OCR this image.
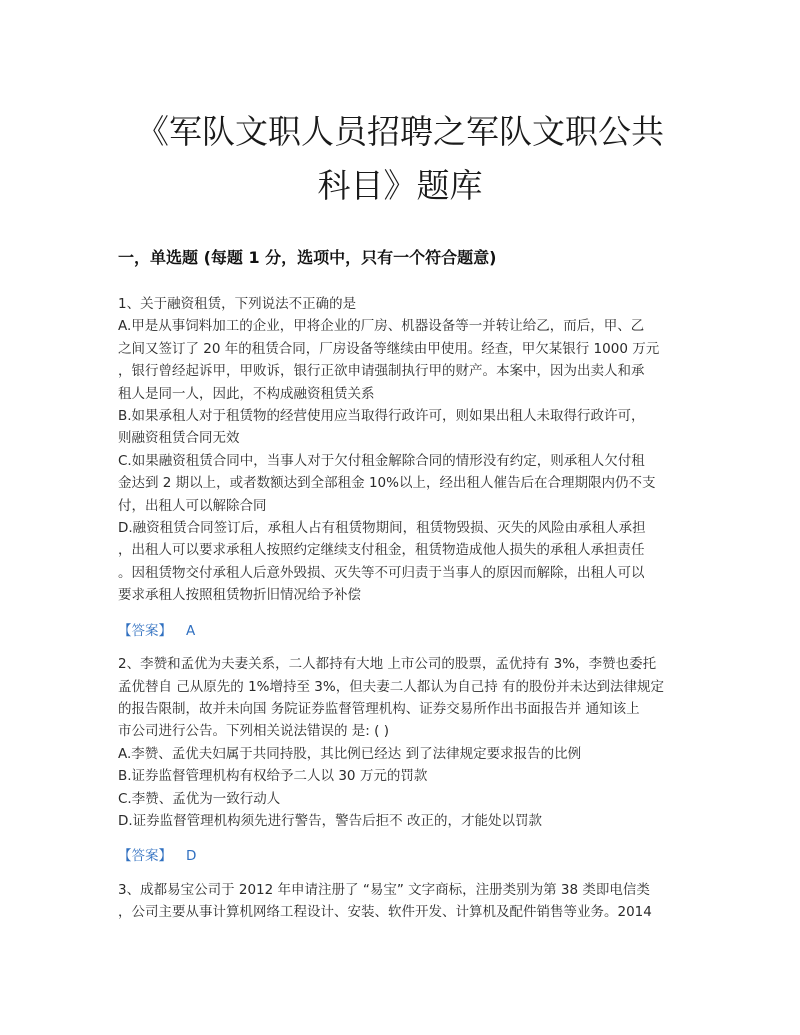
《军队文职人员招聘之军队文职公共
科目》题库
一，单选题 (每题 1 分，选项中，只有一个符合题意)

1、关于融资租赁，下列说法不正确的是

A.甲是从事饲料加工的企业，甲将企业的厂房、机器设备等一并转让给乙，而后，甲、乙

之间又签订了 20 年的租赁合同，厂房设备等继续由甲使用。经查，甲欠某银行 1000 万元

，银行曾经起诉甲，甲败诉，银行正欲申请强制执行甲的财产。本案中，因为出卖人和承

租人是同一人，因此，不构成融资租赁关系

B.如果承租人对于租赁物的经营使用应当取得行政许可，则如果出租人未取得行政许可，

则融资租赁合同无效

C.如果融资租赁合同中，当事人对于欠付租金解除合同的情形没有约定，则承租人欠付租

金达到 2 期以上，或者数额达到全部租金 10%以上，经出租人催告后在合理期限内仍不支

付，出租人可以解除合同

D.融资租赁合同签订后，承租人占有租赁物期间，租赁物毁损、灭失的风险由承租人承担

，出租人可以要求承租人按照约定继续支付租金，租赁物造成他人损失的承租人承担责任

。因租赁物交付承租人后意外毁损、灭失等不可归责于当事人的原因而解除，出租人可以

要求承租人按照租赁物折旧情况给予补偿

【答案】 A

2、李赞和孟优为夫妻关系，二人都持有大地 上市公司的股票，孟优持有 3%，李赞也委托

孟优替自 己从原先的 1%增持至 3%，但夫妻二人都认为自己持 有的股份并未达到法律规定

的报告限制，故并未向国 务院证券监督管理机构、证券交易所作出书面报告并 通知该上

市公司进行公告。下列相关说法错误的 是: ( )

A.李赞、孟优夫妇属于共同持股，其比例已经达 到了法律规定要求报告的比例

B.证券监督管理机构有权给予二人以 30 万元的罚款

C.李赞、孟优为一致行动人

D.证券监督管理机构须先进行警告，警告后拒不 改正的，才能处以罚款

【答案】 D

3、成都易宝公司于 2012 年申请注册了 “易宝” 文字商标，注册类别为第 38 类即电信类

，公司主要从事计算机网络工程设计、安装、软件开发、计算机及配件销售等业务。2014
